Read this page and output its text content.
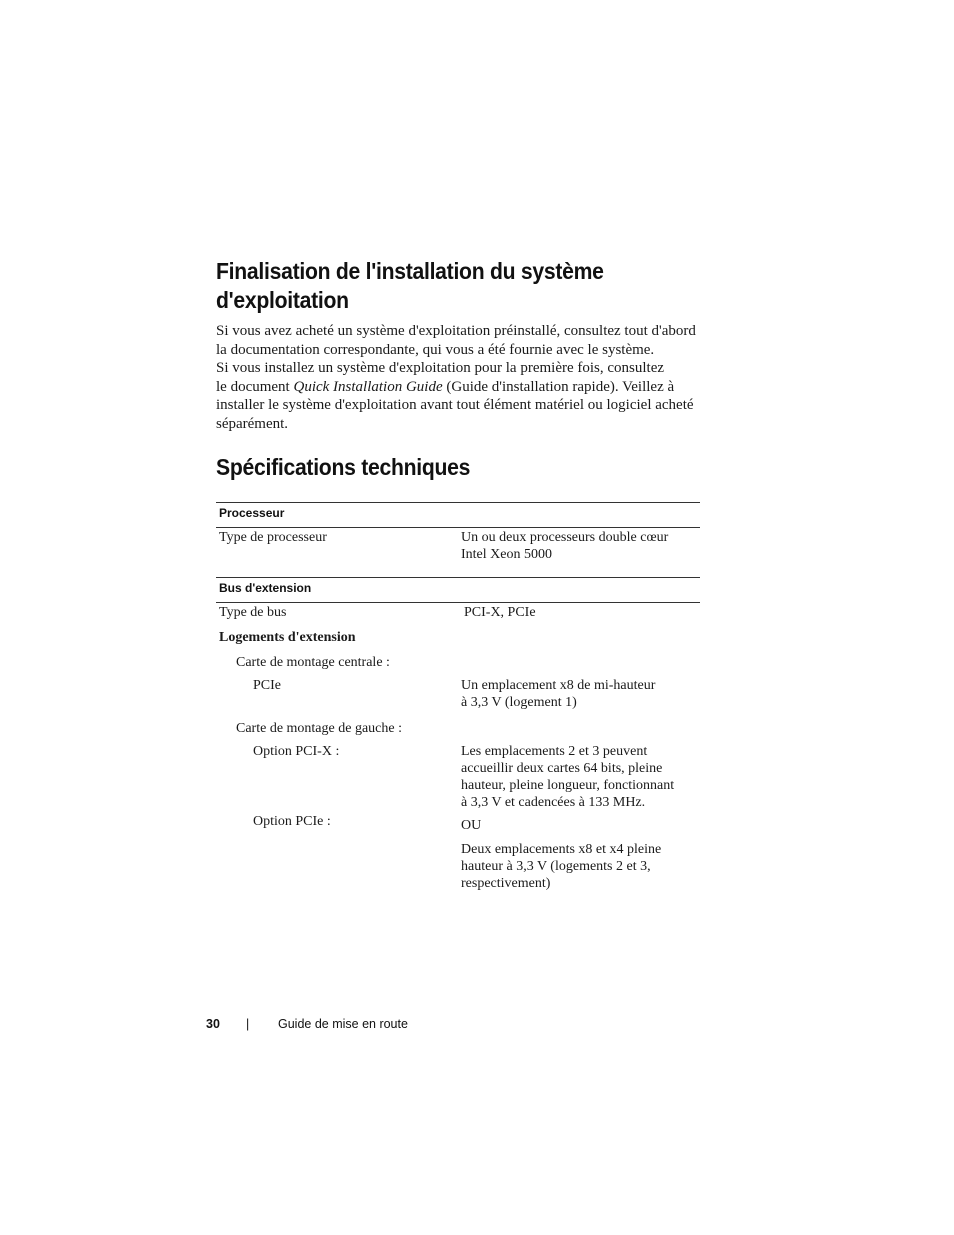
Finalisation de l'installation du système
d'exploitation
Si vous avez acheté un système d'exploitation préinstallé, consultez tout d'abord
la documentation correspondante, qui vous a été fournie avec le système.
Si vous installez un système d'exploitation pour la première fois, consultez
le document Quick Installation Guide (Guide d'installation rapide). Veillez à
installer le système d'exploitation avant tout élément matériel ou logiciel acheté
séparément.
Spécifications techniques
Processeur
Type de processeur	Un ou deux processeurs double cœur
Intel Xeon 5000
Bus d'extension
Type de bus	PCI-X, PCIe
Logements d'extension
Carte de montage centrale :
PCIe	Un emplacement x8 de mi-hauteur
à 3,3 V (logement 1)
Carte de montage de gauche :
Option PCI-X :	Les emplacements 2 et 3 peuvent
accueillir deux cartes 64 bits, pleine
hauteur, pleine longueur, fonctionnant
à 3,3 V et cadencées à 133 MHz.
Option PCIe :	OU
Deux emplacements x8 et x4 pleine
hauteur à 3,3 V (logements 2 et 3,
respectivement)
30 | Guide de mise en route
